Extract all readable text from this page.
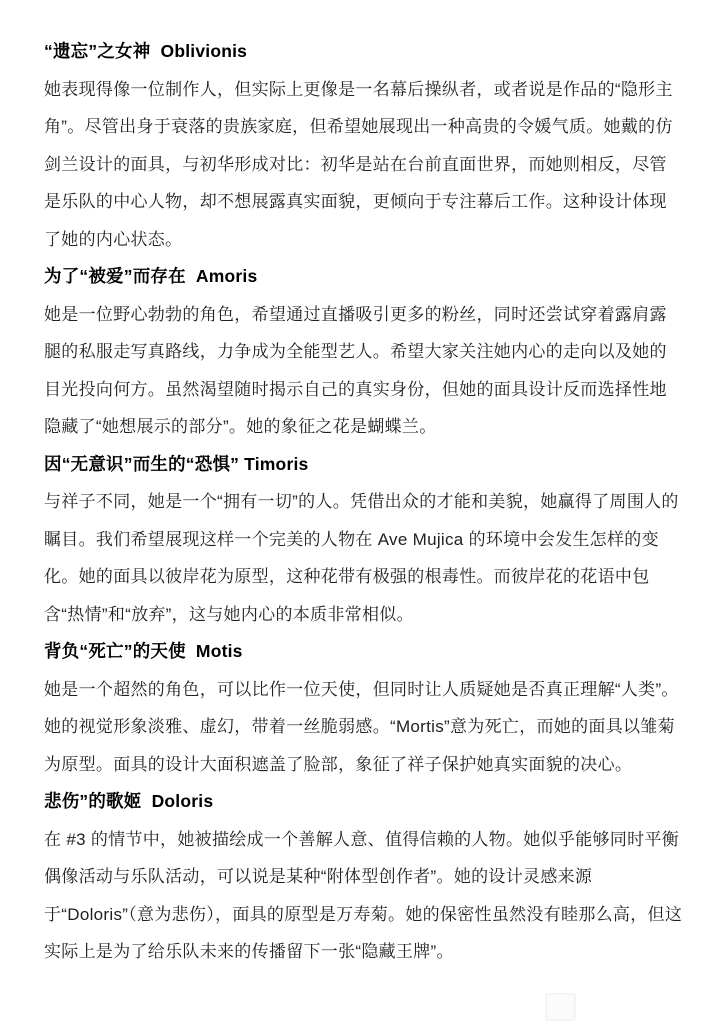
“遗忘”之女神  Oblivionis

她表现得像一位制作人，但实际上更像是一名幕后操纵者，或者说是作品的“隐形主角”。尽管出身于衰落的贵族家庭，但希望她展现出一种高贵的令媛气质。她戴的仿剑兰设计的面具，与初华形成对比：初华是站在台前直面世界，而她则相反，尽管是乐队的中心人物，却不想展露真实面貌，更倾向于专注幕后工作。这种设计体现了她的内心状态。

为了“被爱”而存在  Amoris

她是一位野心勃勃的角色，希望通过直播吸引更多的粉丝，同时还尝试穿着露肩露腿的私服走写真路线，力争成为全能型艺人。希望大家关注她内心的走向以及她的目光投向何方。虽然渴望随时揭示自己的真实身份，但她的面具设计反而选择性地隐藏了“她想展示的部分”。她的象征之花是蝴蝶兰。

因“无意识”而生的“恐惧” Timoris

与祥子不同，她是一个“拥有一切”的人。凭借出众的才能和美貌，她赢得了周围人的瞩目。我们希望展现这样一个完美的人物在 Ave Mujica 的环境中会发生怎样的变化。她的面具以彼岸花为原型，这种花带有极强的根毒性。而彼岸花的花语中包含“热情”和“放弃”，这与她内心的本质非常相似。

背负“死亡”的天使  Motis

她是一个超然的角色，可以比作一位天使，但同时让人质疑她是否真正理解“人类”。她的视觉形象淡雅、虚幻，带着一丝脆弱感。“Mortis”意为死亡，而她的面具以雏菊为原型。面具的设计大面积遮盖了脸部，象征了祥子保护她真实面貌的决心。

悲伤”的歌姬  Doloris

在 #3 的情节中，她被描绘成一个善解人意、值得信赖的人物。她似乎能够同时平衡偶像活动与乐队活动，可以说是某种“附体型创作者”。她的设计灵感来源于“Doloris”（意为悲伤），面具的原型是万寿菊。她的保密性虽然没有睦那么高，但这实际上是为了给乐队未来的传播留下一张“隐藏王牌”。
